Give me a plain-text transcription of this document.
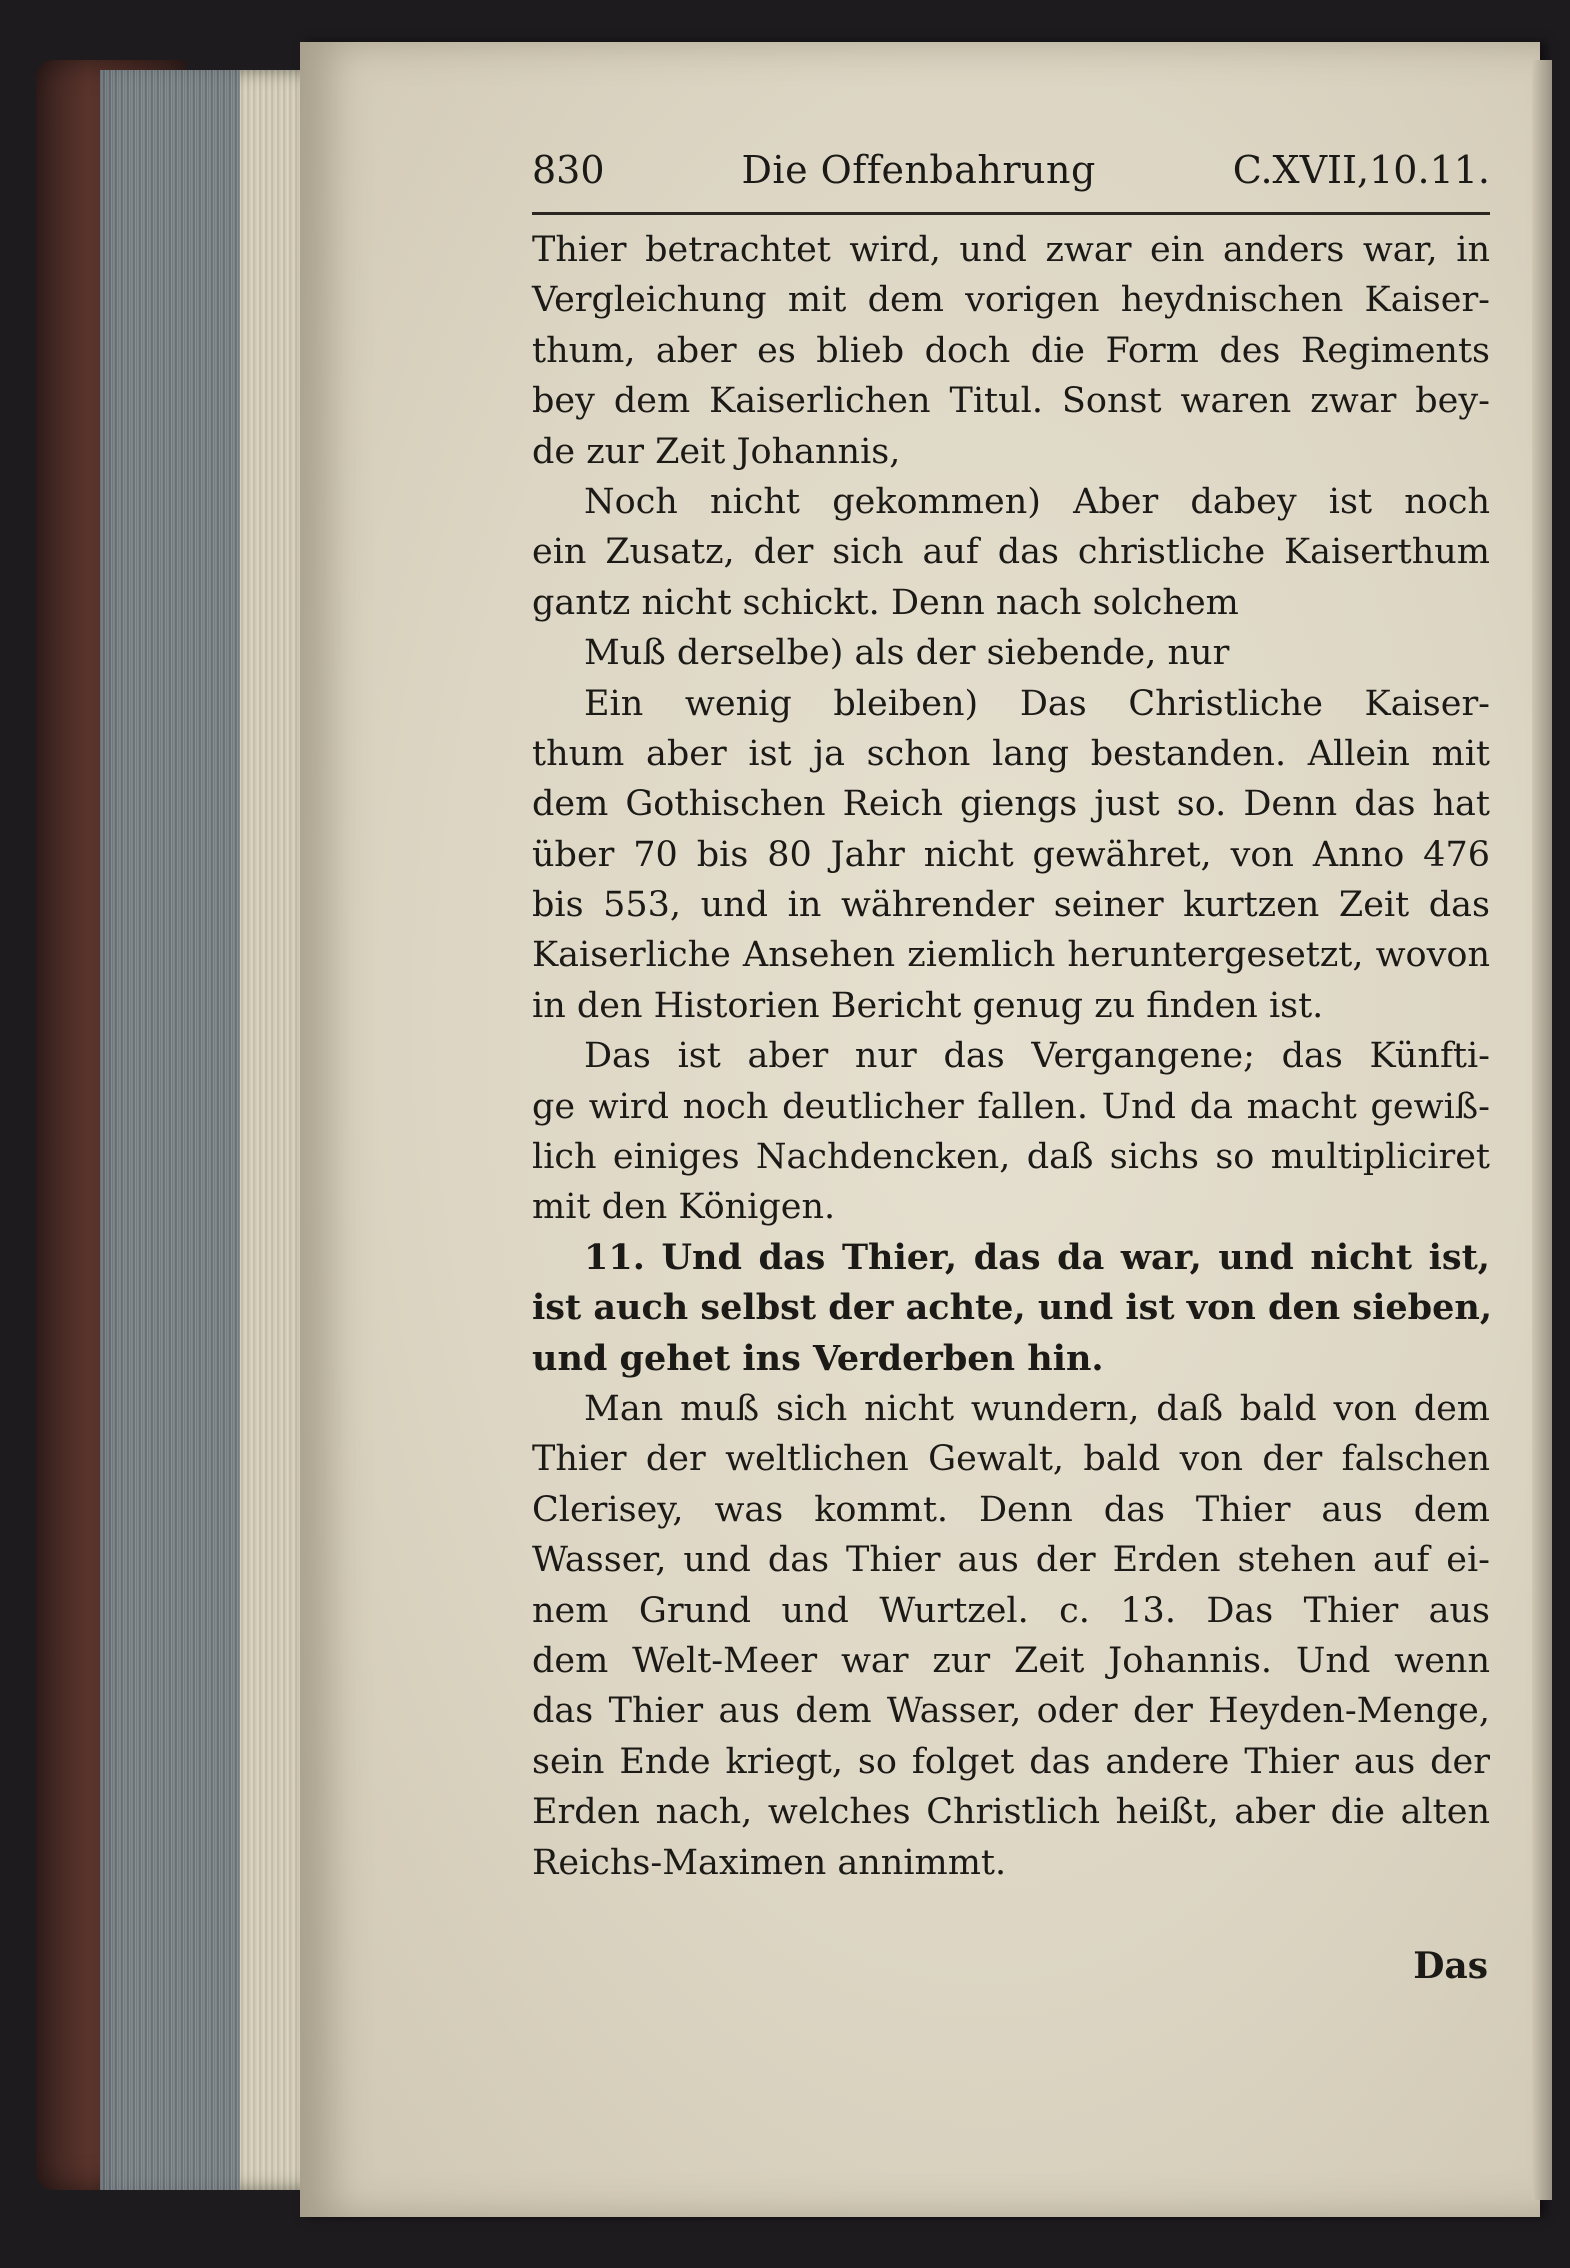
830	Die Offenbahrung	C.XVII,10.11.
Thier betrachtet wird, und zwar ein anders war, in
Vergleichung mit dem vorigen heydnischen Kaiser-
thum, aber es blieb doch die Form des Regiments
bey dem Kaiserlichen Titul. Sonst waren zwar bey-
de zur Zeit Johannis,
Noch nicht gekommen) Aber dabey ist noch
ein Zusatz, der sich auf das christliche Kaiserthum
gantz nicht schickt. Denn nach solchem
Muß derselbe) als der siebende, nur
Ein wenig bleiben) Das Christliche Kaiser-
thum aber ist ja schon lang bestanden. Allein mit
dem Gothischen Reich giengs just so. Denn das hat
über 70 bis 80 Jahr nicht gewähret, von Anno 476
bis 553, und in währender seiner kurtzen Zeit das
Kaiserliche Ansehen ziemlich heruntergesetzt, wovon
in den Historien Bericht genug zu finden ist.
Das ist aber nur das Vergangene; das Künfti-
ge wird noch deutlicher fallen. Und da macht gewiß-
lich einiges Nachdencken, daß sichs so multipliciret
mit den Königen.
11. Und das Thier, das da war, und nicht ist,
ist auch selbst der achte, und ist von den sieben,
und gehet ins Verderben hin.
Man muß sich nicht wundern, daß bald von dem
Thier der weltlichen Gewalt, bald von der falschen
Clerisey, was kommt. Denn das Thier aus dem
Wasser, und das Thier aus der Erden stehen auf ei-
nem Grund und Wurtzel. c. 13. Das Thier aus
dem Welt-Meer war zur Zeit Johannis. Und wenn
das Thier aus dem Wasser, oder der Heyden-Menge,
sein Ende kriegt, so folget das andere Thier aus der
Erden nach, welches Christlich heißt, aber die alten
Reichs-Maximen annimmt.
Das
